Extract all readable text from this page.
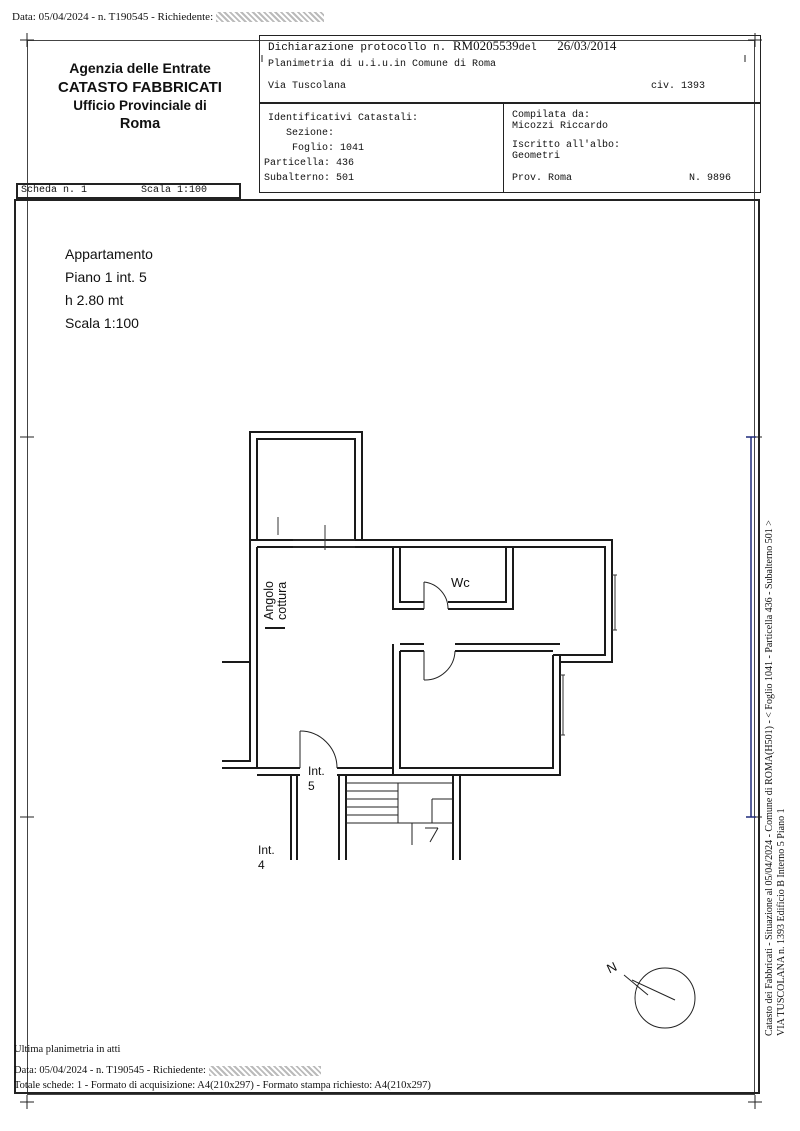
Data: 05/04/2024 - n. T190545 - Richiedente:
Agenzia delle Entrate
CATASTO FABBRICATI
Ufficio Provinciale di
Roma
Dichiarazione protocollo n. RM0205539del 26/03/2014
Planimetria di u.i.u.in Comune di Roma
Via Tuscolana	civ. 1393
Identificativi Catastali:
Sezione:
Foglio: 1041
Particella: 436
Subalterno: 501
Compilata da:
Micozzi Riccardo
Iscritto all'albo:
Geometri
Prov. Roma	N. 9896
Scheda n. 1	Scala 1:100
Appartamento
Piano 1 int. 5
h 2.80 mt
Scala 1:100
Angolo cottura	Wc
Int.
5
Int.
4
N	Catasto dei Fabbricati - Situazione al 05/04/2024 - Comune di ROMA(H501) - < Foglio 1041 - Particella 436 - Subalterno 501 > VIA TUSCOLANA n. 1393 Edificio B Interno 5 Piano 1
Ultima planimetria in atti
Data: 05/04/2024 - n. T190545 - Richiedente:
Totale schede: 1 - Formato di acquisizione: A4(210x297) - Formato stampa richiesto: A4(210x297)
